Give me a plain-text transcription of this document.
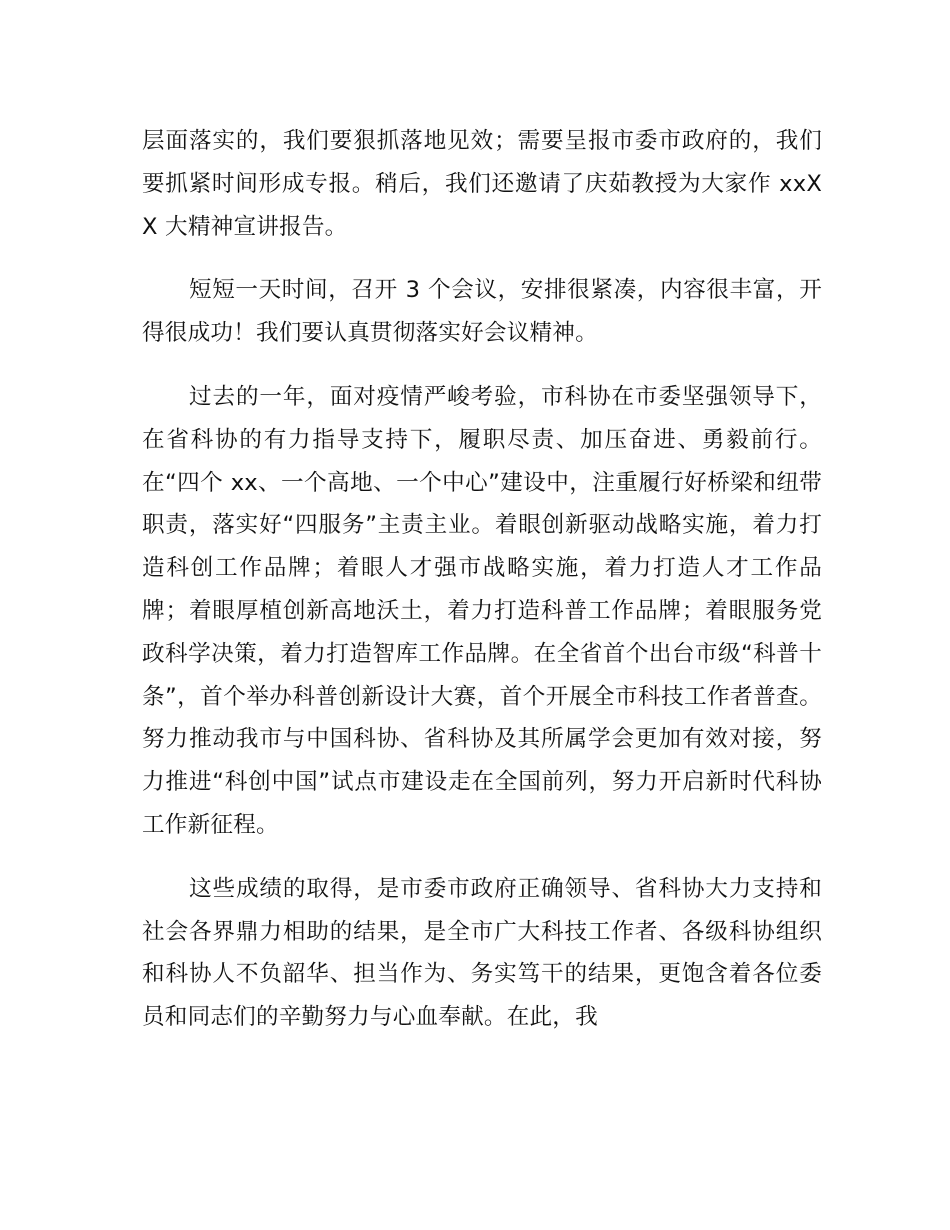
层面落实的，我们要狠抓落地见效；需要呈报市委市政府的，我们要抓紧时间形成专报。稍后，我们还邀请了庆茹教授为大家作 xxXX 大精神宣讲报告。

短短一天时间，召开 3 个会议，安排很紧凑，内容很丰富，开得很成功！我们要认真贯彻落实好会议精神。

过去的一年，面对疫情严峻考验，市科协在市委坚强领导下，在省科协的有力指导支持下，履职尽责、加压奋进、勇毅前行。在“四个 xx、一个高地、一个中心”建设中，注重履行好桥梁和纽带职责，落实好“四服务”主责主业。着眼创新驱动战略实施，着力打造科创工作品牌；着眼人才强市战略实施，着力打造人才工作品牌；着眼厚植创新高地沃土，着力打造科普工作品牌；着眼服务党政科学决策，着力打造智库工作品牌。在全省首个出台市级“科普十条”，首个举办科普创新设计大赛，首个开展全市科技工作者普查。努力推动我市与中国科协、省科协及其所属学会更加有效对接，努力推进“科创中国”试点市建设走在全国前列，努力开启新时代科协工作新征程。

这些成绩的取得，是市委市政府正确领导、省科协大力支持和社会各界鼎力相助的结果，是全市广大科技工作者、各级科协组织和科协人不负韶华、担当作为、务实笃干的结果，更饱含着各位委员和同志们的辛勤努力与心血奉献。在此，我
